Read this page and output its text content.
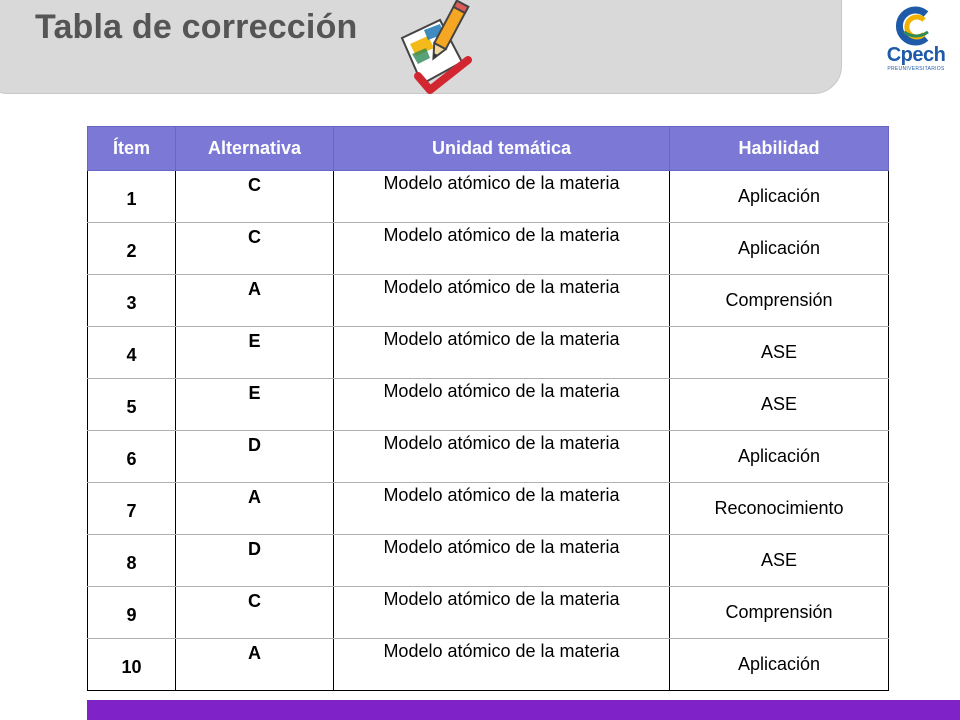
Tabla de corrección
Cpech
PREUNIVERSITARIOS
Ítem	Alternativa	Unidad temática	Habilidad
1	C	Modelo atómico de la materia	Aplicación
2	C	Modelo atómico de la materia	Aplicación
3	A	Modelo atómico de la materia	Comprensión
4	E	Modelo atómico de la materia	ASE
5	E	Modelo atómico de la materia	ASE
6	D	Modelo atómico de la materia	Aplicación
7	A	Modelo atómico de la materia	Reconocimiento
8	D	Modelo atómico de la materia	ASE
9	C	Modelo atómico de la materia	Comprensión
10	A	Modelo atómico de la materia	Aplicación
